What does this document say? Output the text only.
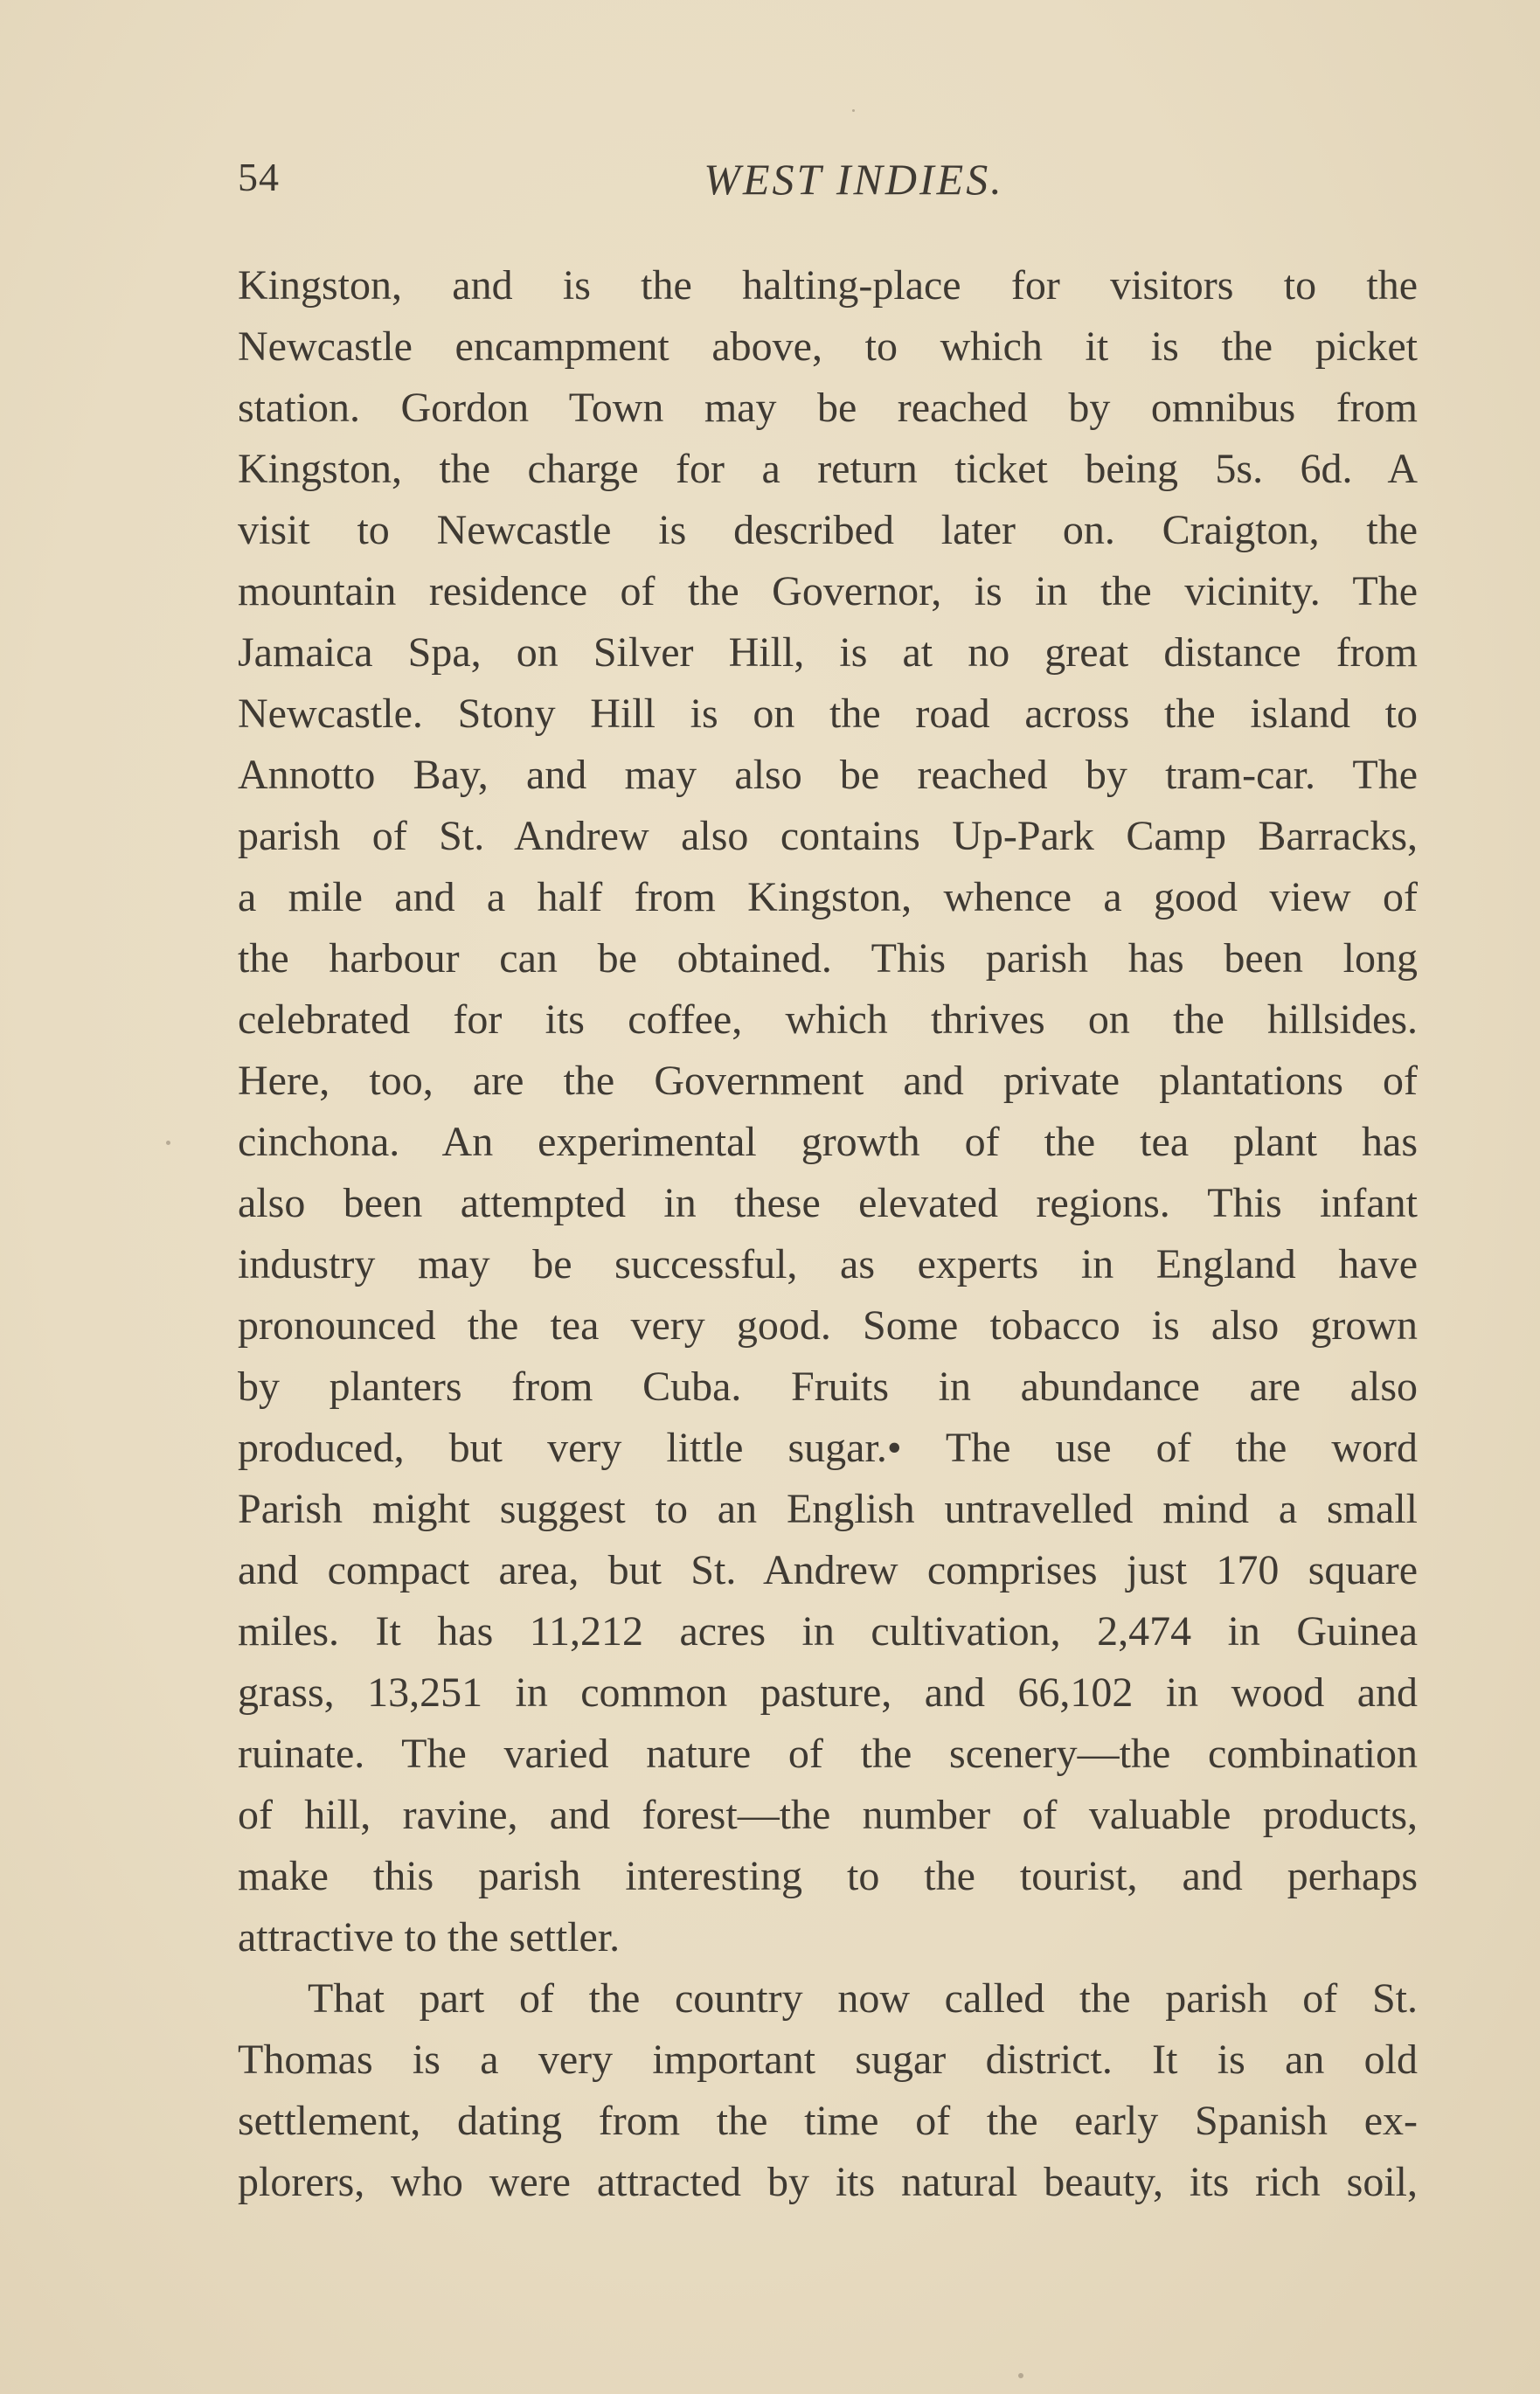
54	WEST INDIES.
Kingston, and is the halting-place for visitors to the
Newcastle encampment above, to which it is the picket
station. Gordon Town may be reached by omnibus from
Kingston, the charge for a return ticket being 5s. 6d. A
visit to Newcastle is described later on. Craigton, the
mountain residence of the Governor, is in the vicinity. The
Jamaica Spa, on Silver Hill, is at no great distance from
Newcastle. Stony Hill is on the road across the island to
Annotto Bay, and may also be reached by tram-car. The
parish of St. Andrew also contains Up-Park Camp Barracks,
a mile and a half from Kingston, whence a good view of
the harbour can be obtained. This parish has been long
celebrated for its coffee, which thrives on the hillsides.
Here, too, are the Government and private plantations of
cinchona. An experimental growth of the tea plant has
also been attempted in these elevated regions. This infant
industry may be successful, as experts in England have
pronounced the tea very good. Some tobacco is also grown
by planters from Cuba. Fruits in abundance are also
produced, but very little sugar.• The use of the word
Parish might suggest to an English untravelled mind a small
and compact area, but St. Andrew comprises just 170 square
miles. It has 11,212 acres in cultivation, 2,474 in Guinea
grass, 13,251 in common pasture, and 66,102 in wood and
ruinate. The varied nature of the scenery—the combination
of hill, ravine, and forest—the number of valuable products,
make this parish interesting to the tourist, and perhaps
attractive to the settler.
That part of the country now called the parish of St.
Thomas is a very important sugar district. It is an old
settlement, dating from the time of the early Spanish ex-
plorers, who were attracted by its natural beauty, its rich soil,
